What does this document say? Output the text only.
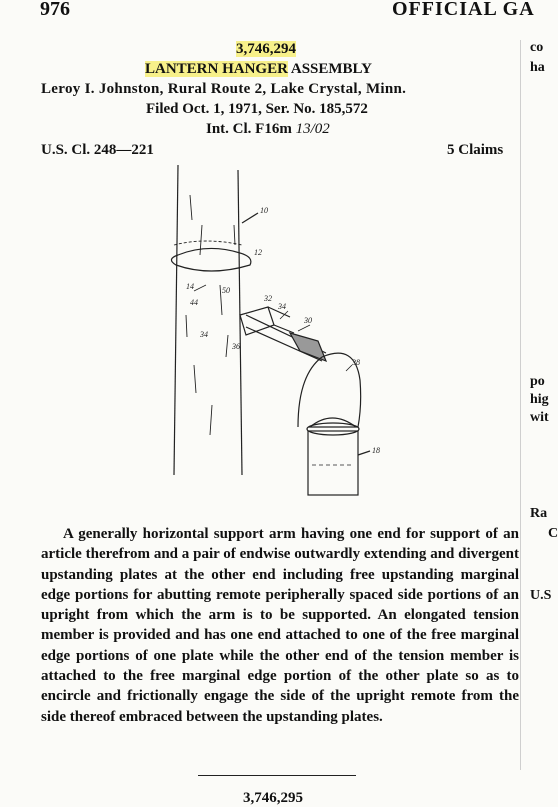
976	OFFICIAL GA
3,746,294
LANTERN HANGER ASSEMBLY
Leroy I. Johnston, Rural Route 2, Lake Crystal, Minn.
Filed Oct. 1, 1971, Ser. No. 185,572
Int. Cl. F16m 13/02
U.S. Cl. 248—221	5 Claims
co
ha
po
hig
wit
Ra
C
U.S
10
12
14
44
50
32
34
30
36
34
38
18
A generally horizontal support arm having one end for support of an article therefrom and a pair of endwise outwardly extending and divergent upstanding plates at the other end including free upstanding marginal edge portions for abutting remote peripherally spaced side portions of an upright from which the arm is to be supported. An elongated tension member is provided and has one end attached to one of the free marginal edge portions of one plate while the other end of the tension member is attached to the free marginal edge portion of the other plate so as to encircle and frictionally engage the side of the upright remote from the side thereof embraced between the upstanding plates.
3,746,295
